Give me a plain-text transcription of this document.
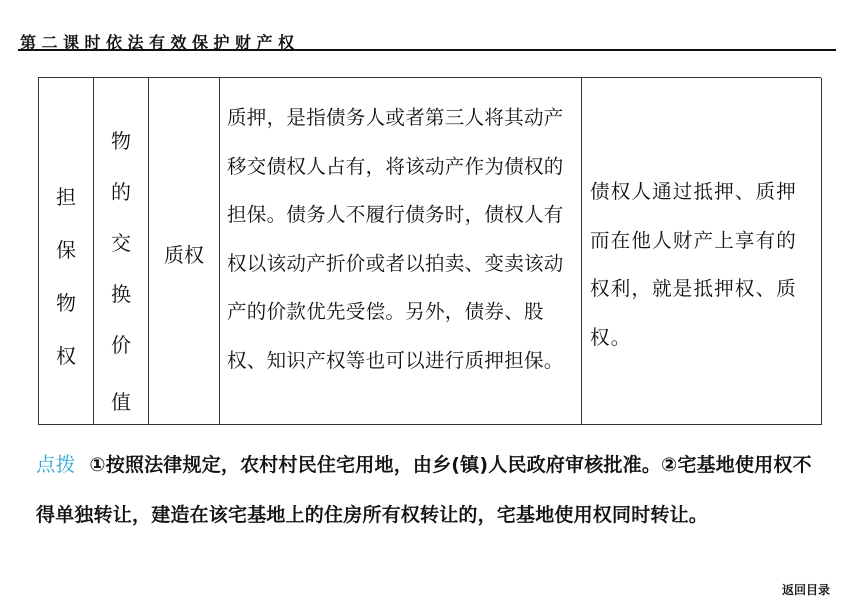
第二课时依法有效保护财产权
担
保
物
权
物
的
交
换
价
值
质权
质押，是指债务人或者第三人将其动产移交债权人占有，将该动产作为债权的担保。债务人不履行债务时，债权人有权以该动产折价或者以拍卖、变卖该动产的价款优先受偿。另外，债券、股权、知识产权等也可以进行质押担保。
债权人通过抵押、质押而在他人财产上享有的权利，就是抵押权、质权。
点拨 ①按照法律规定，农村村民住宅用地，由乡(镇)人民政府审核批准。②宅基地使用权不得单独转让，建造在该宅基地上的住房所有权转让的，宅基地使用权同时转让。
返回目录
